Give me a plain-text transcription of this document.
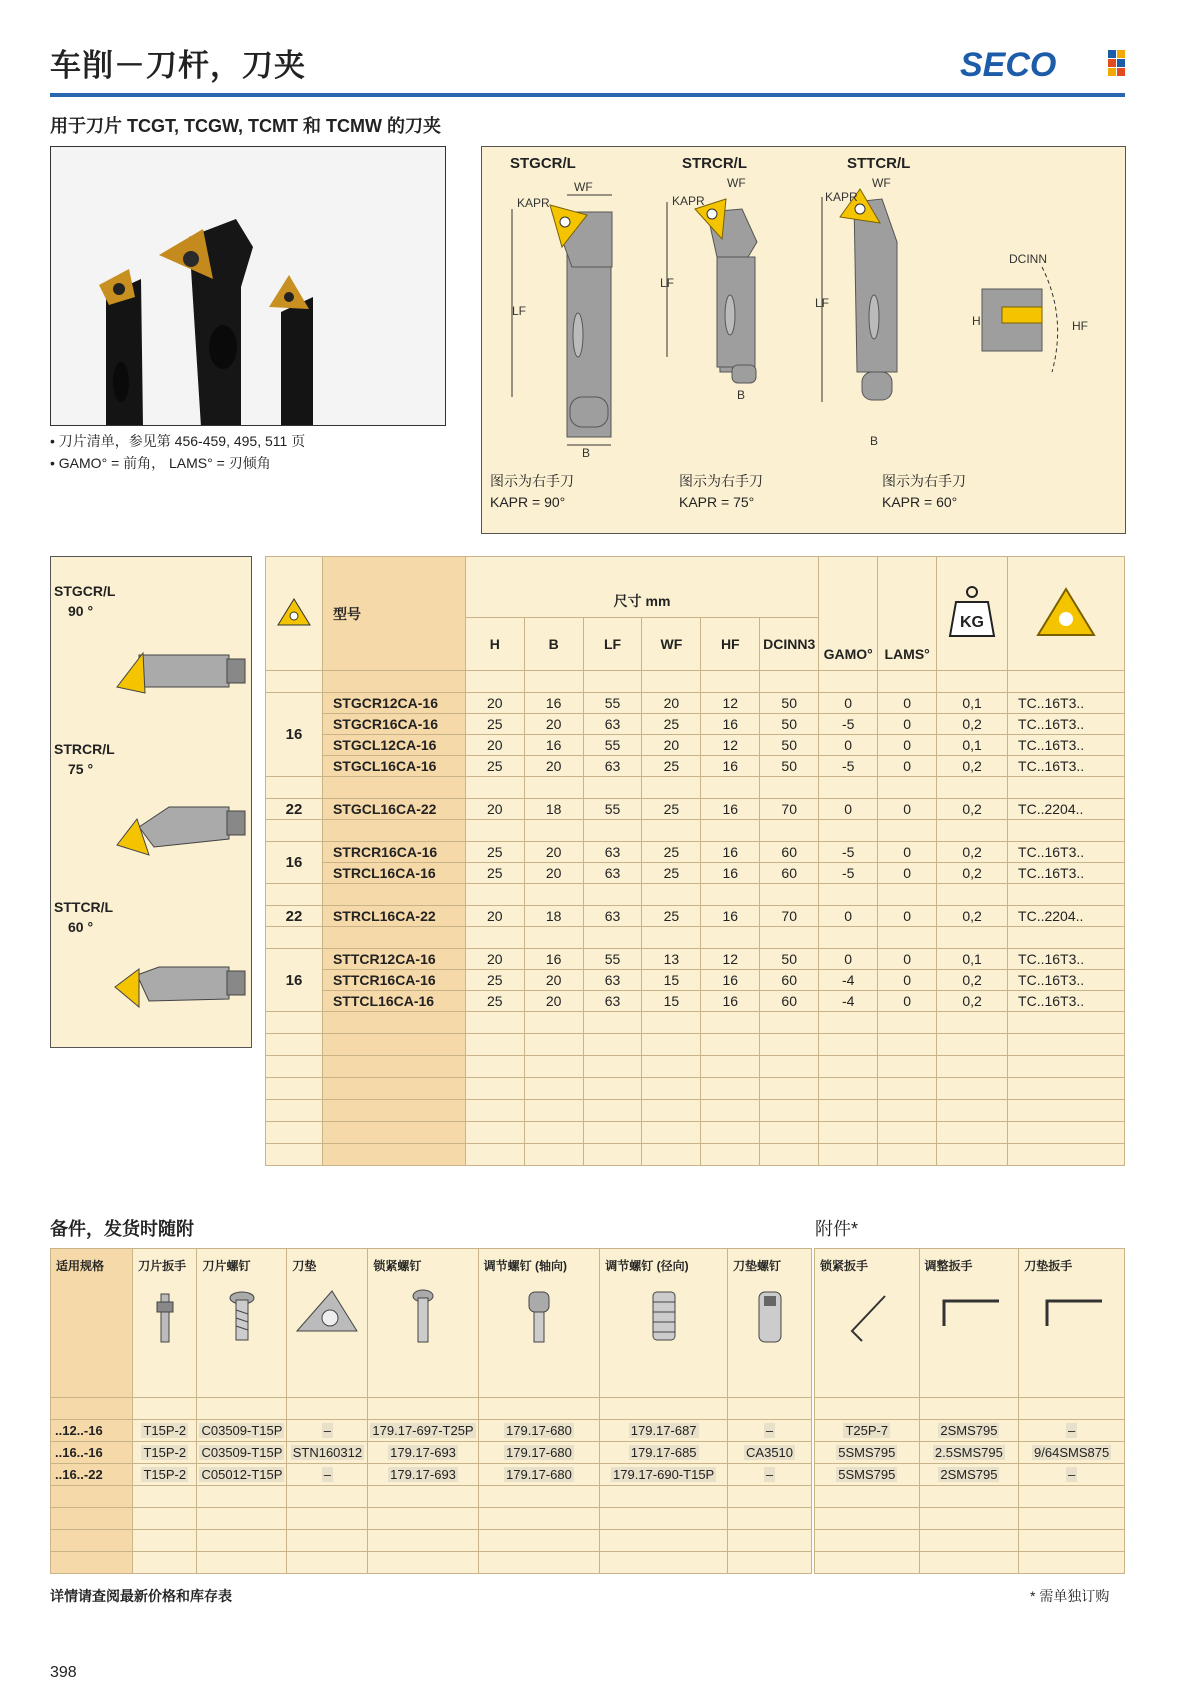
车削－刀杆，刀夹	SECO
用于刀片 TCGT, TCGW, TCMT 和 TCMW 的刀夹
• 刀片清单，参见第 456-459, 495, 511 页
• GAMO° = 前角， LAMS° = 刃倾角
STGCR/L	STRCR/L	STTCR/L
LF
WF
KAPR
B
LF
WF
KAPR
B
LF
WF
KAPR
B
DCINN
H	HF
图示为右手刀
KAPR = 90°
图示为右手刀
KAPR = 75°
图示为右手刀
KAPR = 60°
STGCR/L
90 °
STRCR/L
75 °
STTCR/L
60 °
	型号	尺寸 mm						GAMO°	LAMS°	KG

		H	B	LF	WF	HF	DCINN3				

16	STGCR12CA-16	20	16	55	20	12	50	0	0	0,1	TC..16T3..
	STGCR16CA-16	25	20	63	25	16	50	-5	0	0,2	TC..16T3..
	STGCL12CA-16	20	16	55	20	12	50	0	0	0,1	TC..16T3..
	STGCL16CA-16	25	20	63	25	16	50	-5	0	0,2	TC..16T3..

22	STGCL16CA-22	20	18	55	25	16	70	0	0	0,2	TC..2204..

16	STRCR16CA-16	25	20	63	25	16	60	-5	0	0,2	TC..16T3..
	STRCL16CA-16	25	20	63	25	16	60	-5	0	0,2	TC..16T3..

22	STRCL16CA-22	20	18	63	25	16	70	0	0	0,2	TC..2204..

16	STTCR12CA-16	20	16	55	13	12	50	0	0	0,1	TC..16T3..
	STTCR16CA-16	25	20	63	15	16	60	-4	0	0,2	TC..16T3..
	STTCL16CA-16	25	20	63	15	16	60	-4	0	0,2	TC..16T3..

备件，发货时随附	附件*
适用规格	刀片扳手	刀片螺钉	刀垫	锁紧螺钉	调节螺钉 (轴向)	调节螺钉 (径向)	刀垫螺钉

..12..-16	T15P-2	C03509-T15P	–	179.17-697-T25P	179.17-680	179.17-687	–
..16..-16	T15P-2	C03509-T15P	STN160312	179.17-693	179.17-680	179.17-685	CA3510
..16..-22	T15P-2	C05012-T15P	–	179.17-693	179.17-680	179.17-690-T15P	–

锁紧扳手	调整扳手	刀垫扳手

T25P-7	2SMS795	–
5SMS795	2.5SMS795	9/64SMS875
5SMS795	2SMS795	–

详情请查阅最新价格和库存表	* 需单独订购
398
